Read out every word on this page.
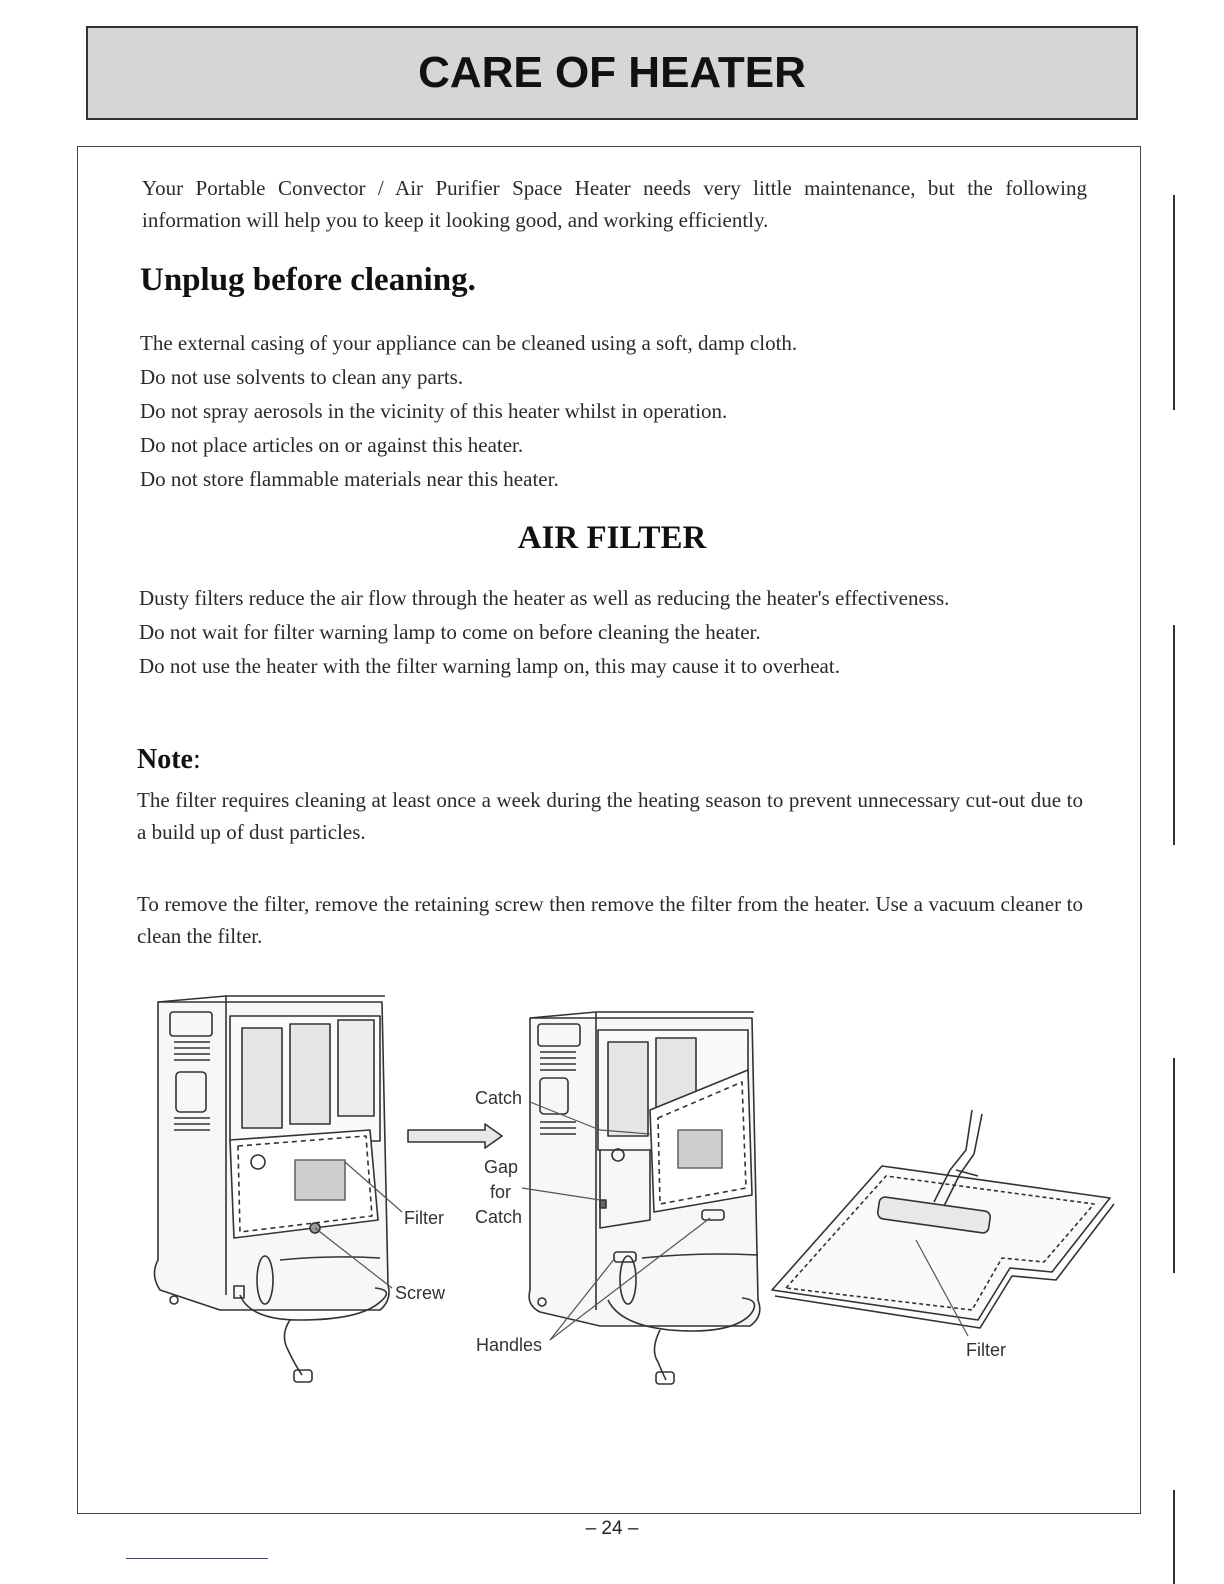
CARE OF HEATER

Your Portable Convector / Air Purifier Space Heater needs very little maintenance, but the following information will help you to keep it looking good, and working efficiently.

Unplug before cleaning.
The external casing of your appliance can be cleaned using a soft, damp cloth.
Do not use solvents to clean any parts.
Do not spray aerosols in the vicinity of this heater whilst in operation.
Do not place articles on or against this heater.
Do not store flammable materials near this heater.
AIR FILTER
Dusty filters reduce the air flow through the heater as well as reducing the heater's effectiveness.
Do not wait for filter warning lamp to come on before cleaning the heater.
Do not use the heater with the filter warning lamp on, this may cause it to overheat.
Note:

The filter requires cleaning at least once a week during the heating season to prevent unnecessary cut-out due to a build up of dust particles.

To remove the filter, remove the retaining screw then remove the filter from the heater. Use a vacuum cleaner to clean the filter.

Filter
Screw
Catch
Gap
for
Catch
Handles	Filter
– 24 –
